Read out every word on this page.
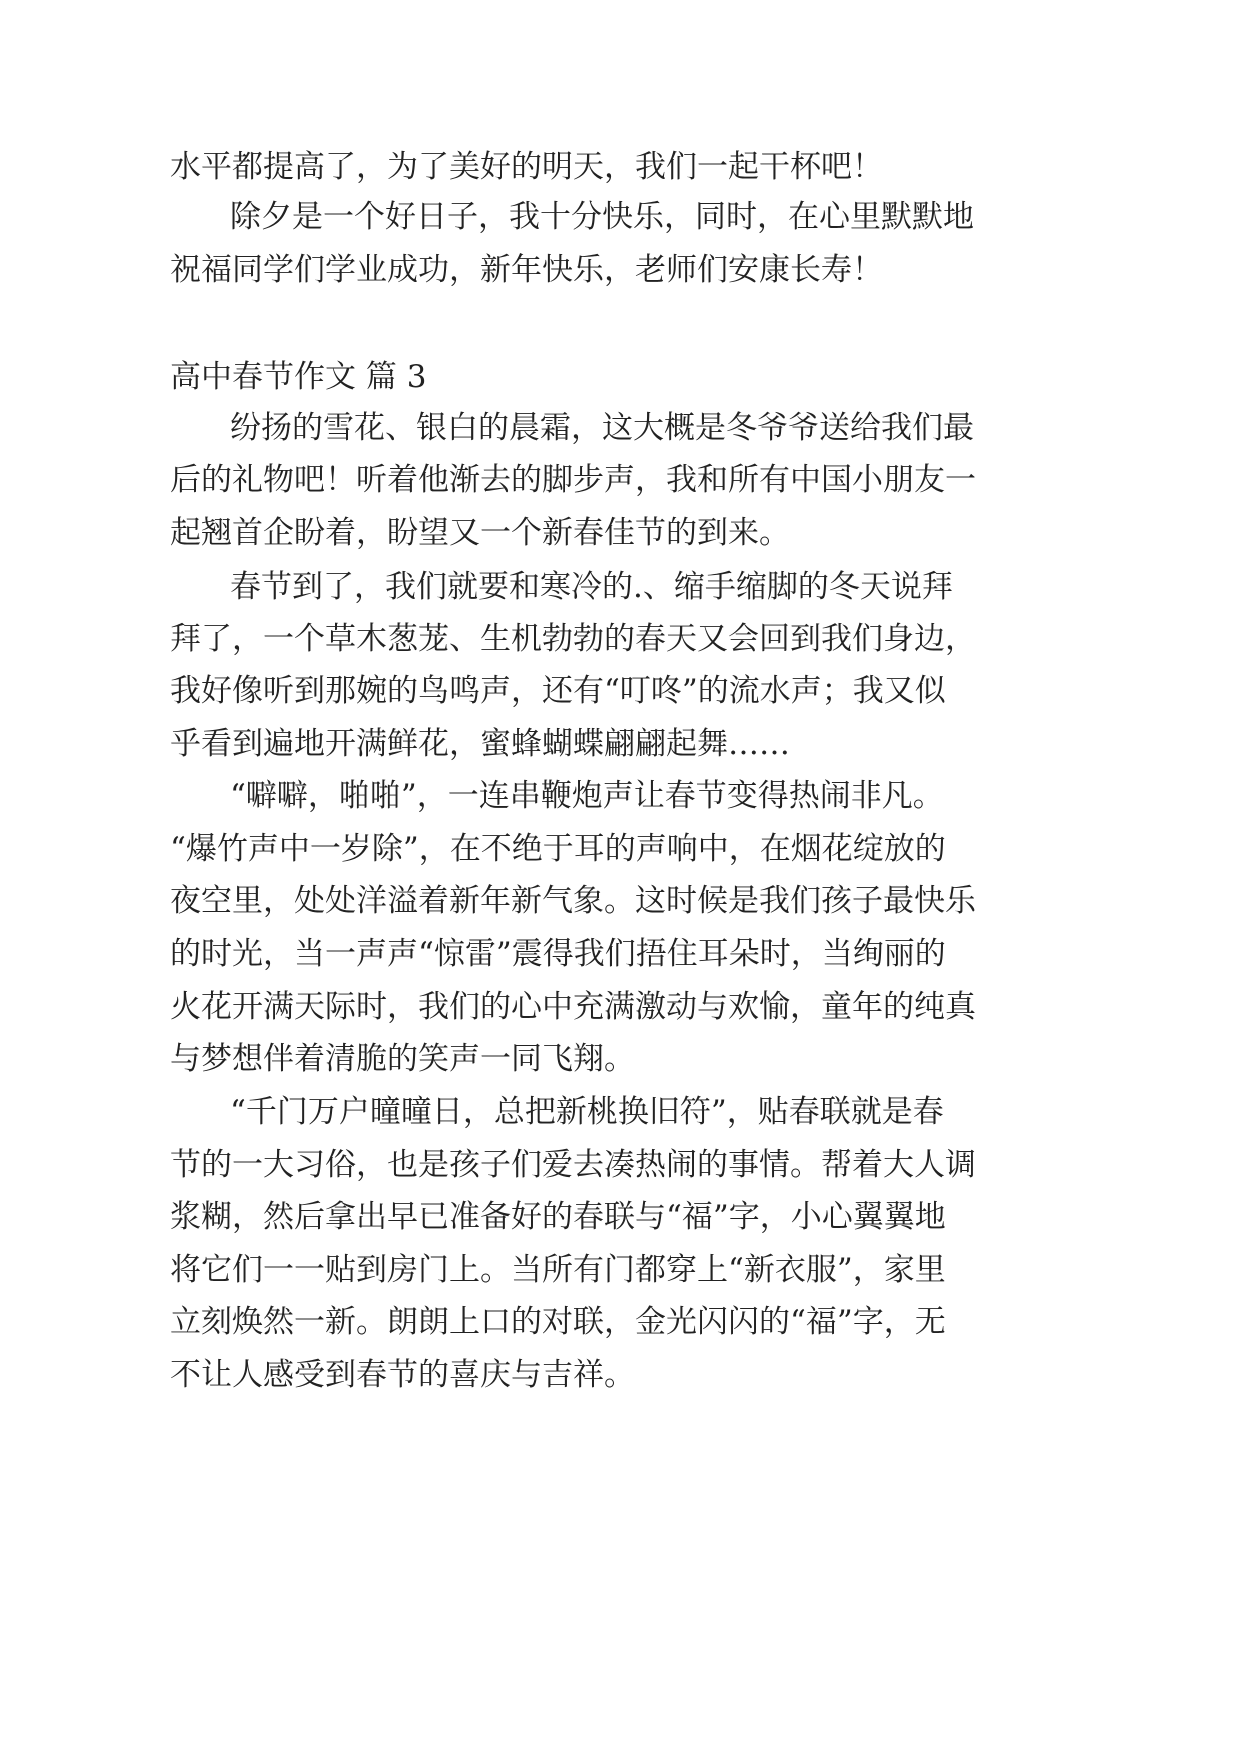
水平都提高了，为了美好的明天，我们一起干杯吧！
除夕是一个好日子，我十分快乐，同时，在心里默默地
祝福同学们学业成功，新年快乐，老师们安康长寿！
高中春节作文 篇 3
纷扬的雪花、银白的晨霜，这大概是冬爷爷送给我们最
后的礼物吧！听着他渐去的脚步声，我和所有中国小朋友一
起翘首企盼着，盼望又一个新春佳节的到来。
春节到了，我们就要和寒冷的.、缩手缩脚的冬天说拜
拜了，一个草木葱茏、生机勃勃的春天又会回到我们身边，
我好像听到那婉的鸟鸣声，还有“叮咚”的流水声；我又似
乎看到遍地开满鲜花，蜜蜂蝴蝶翩翩起舞……
“噼噼，啪啪”，一连串鞭炮声让春节变得热闹非凡。
“爆竹声中一岁除”，在不绝于耳的声响中，在烟花绽放的
夜空里，处处洋溢着新年新气象。这时候是我们孩子最快乐
的时光，当一声声“惊雷”震得我们捂住耳朵时，当绚丽的
火花开满天际时，我们的心中充满激动与欢愉，童年的纯真
与梦想伴着清脆的笑声一同飞翔。
“千门万户曈曈日，总把新桃换旧符”，贴春联就是春
节的一大习俗，也是孩子们爱去凑热闹的事情。帮着大人调
浆糊，然后拿出早已准备好的春联与“福”字，小心翼翼地
将它们一一贴到房门上。当所有门都穿上“新衣服”，家里
立刻焕然一新。朗朗上口的对联，金光闪闪的“福”字，无
不让人感受到春节的喜庆与吉祥。
